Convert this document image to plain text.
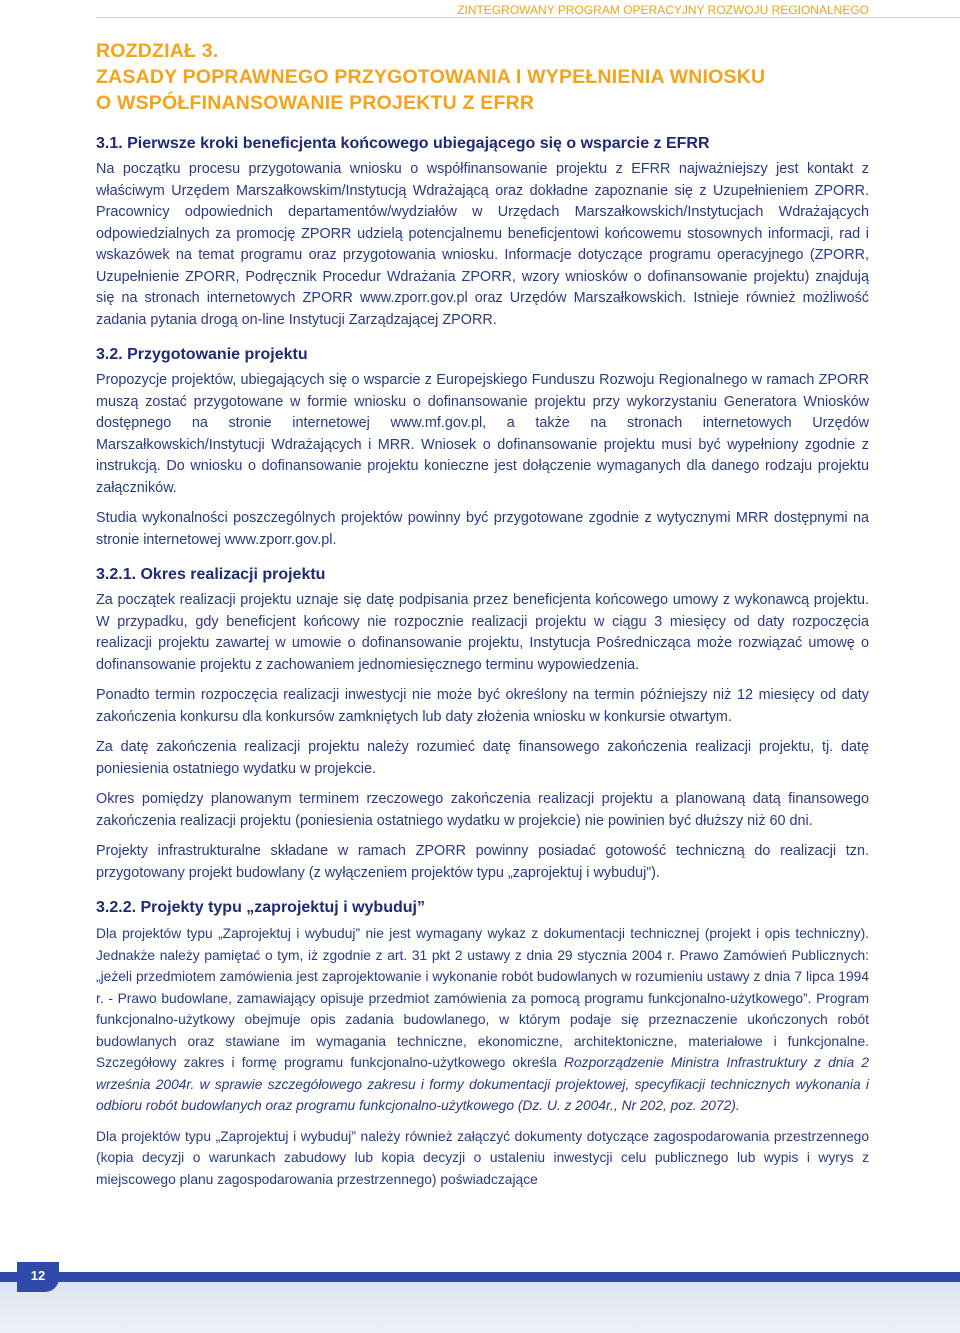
ZINTEGROWANY PROGRAM OPERACYJNY ROZWOJU REGIONALNEGO
ROZDZIAŁ 3.
ZASADY POPRAWNEGO PRZYGOTOWANIA I WYPEŁNIENIA WNIOSKU
O WSPÓŁFINANSOWANIE PROJEKTU Z EFRR
3.1. Pierwsze kroki beneficjenta końcowego ubiegającego się o wsparcie z EFRR

Na początku procesu przygotowania wniosku o współfinansowanie projektu z EFRR najważniejszy jest kontakt z właściwym Urzędem Marszałkowskim/Instytucją Wdrażającą oraz dokładne zapoznanie się z Uzupełnieniem ZPORR. Pracownicy odpowiednich departamentów/wydziałów w Urzędach Marszałkowskich/Instytucjach Wdrażających odpowiedzialnych za promocję ZPORR udzielą potencjalnemu beneficjentowi końcowemu stosownych informacji, rad i wskazówek na temat programu oraz przygotowania wniosku. Informacje dotyczące programu operacyjnego (ZPORR, Uzupełnienie ZPORR, Podręcznik Procedur Wdrażania ZPORR, wzory wniosków o dofinansowanie projektu) znajdują się na stronach internetowych ZPORR www.zporr.gov.pl oraz Urzędów Marszałkowskich. Istnieje również możliwość zadania pytania drogą on-line Instytucji Zarządzającej ZPORR.

3.2. Przygotowanie projektu

Propozycje projektów, ubiegających się o wsparcie z Europejskiego Funduszu Rozwoju Regionalnego w ramach ZPORR muszą zostać przygotowane w formie wniosku o dofinansowanie projektu przy wykorzystaniu Generatora Wniosków dostępnego na stronie internetowej www.mf.gov.pl, a także na stronach internetowych Urzędów Marszałkowskich/Instytucji Wdrażających i MRR. Wniosek o dofinansowanie projektu musi być wypełniony zgodnie z instrukcją. Do wniosku o dofinansowanie projektu konieczne jest dołączenie wymaganych dla danego rodzaju projektu załączników.

Studia wykonalności poszczególnych projektów powinny być przygotowane zgodnie z wytycznymi MRR dostępnymi na stronie internetowej www.zporr.gov.pl.

3.2.1. Okres realizacji projektu

Za początek realizacji projektu uznaje się datę podpisania przez beneficjenta końcowego umowy z wykonawcą projektu. W przypadku, gdy beneficjent końcowy nie rozpocznie realizacji projektu w ciągu 3 miesięcy od daty rozpoczęcia realizacji projektu zawartej w umowie o dofinansowanie projektu, Instytucja Pośrednicząca może rozwiązać umowę o dofinansowanie projektu z zachowaniem jednomiesięcznego terminu wypowiedzenia.

Ponadto termin rozpoczęcia realizacji inwestycji nie może być określony na termin późniejszy niż 12 miesięcy od daty zakończenia konkursu dla konkursów zamkniętych lub daty złożenia wniosku w konkursie otwartym.

Za datę zakończenia realizacji projektu należy rozumieć datę finansowego zakończenia realizacji projektu, tj. datę poniesienia ostatniego wydatku w projekcie.

Okres pomiędzy planowanym terminem rzeczowego zakończenia realizacji projektu a planowaną datą finansowego zakończenia realizacji projektu (poniesienia ostatniego wydatku w projekcie) nie powinien być dłuższy niż 60 dni.

Projekty infrastrukturalne składane w ramach ZPORR powinny posiadać gotowość techniczną do realizacji tzn. przygotowany projekt budowlany (z wyłączeniem projektów typu „zaprojektuj i wybuduj”).

3.2.2. Projekty typu „zaprojektuj i wybuduj”

Dla projektów typu „Zaprojektuj i wybuduj” nie jest wymagany wykaz z dokumentacji technicznej (projekt i opis techniczny). Jednakże należy pamiętać o tym, iż zgodnie z art. 31 pkt 2 ustawy z dnia 29 stycznia 2004 r. Prawo Zamówień Publicznych: „jeżeli przedmiotem zamówienia jest zaprojektowanie i wykonanie robót budowlanych w rozumieniu ustawy z dnia 7 lipca 1994 r. - Prawo budowlane, zamawiający opisuje przedmiot zamówienia za pomocą programu funkcjonalno-użytkowego”. Program funkcjonalno-użytkowy obejmuje opis zadania budowlanego, w którym podaje się przeznaczenie ukończonych robót budowlanych oraz stawiane im wymagania techniczne, ekonomiczne, architektoniczne, materiałowe i funkcjonalne. Szczegółowy zakres i formę programu funkcjonalno-użytkowego określa Rozporządzenie Ministra Infrastruktury z dnia 2 września 2004r. w sprawie szczegółowego zakresu i formy dokumentacji projektowej, specyfikacji technicznych wykonania i odbioru robót budowlanych oraz programu funkcjonalno-użytkowego (Dz. U. z 2004r., Nr 202, poz. 2072).

Dla projektów typu „Zaprojektuj i wybuduj” należy również załączyć dokumenty dotyczące zagospodarowania przestrzennego (kopia decyzji o warunkach zabudowy lub kopia decyzji o ustaleniu inwestycji celu publicznego lub wypis i wyrys z miejscowego planu zagospodarowania przestrzennego) poświadczające

12
